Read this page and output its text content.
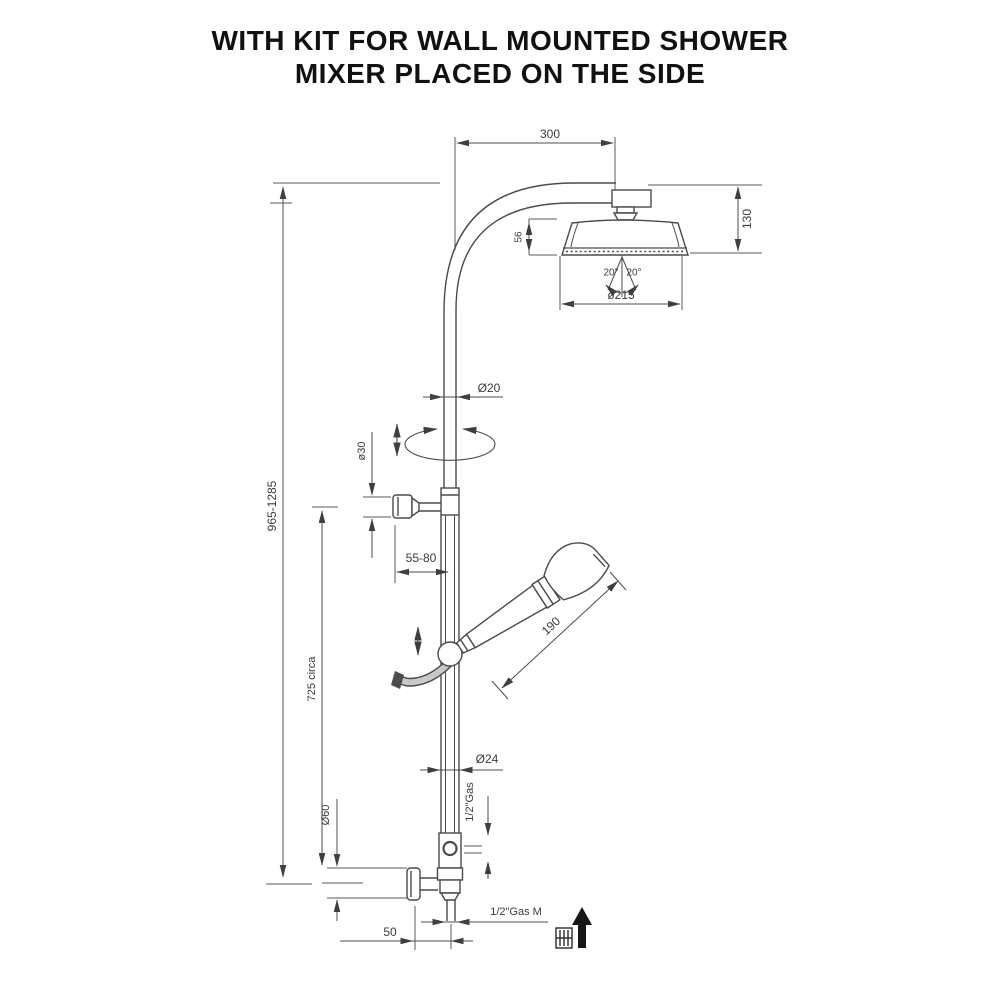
WITH KIT FOR WALL MOUNTED SHOWER
MIXER PLACED ON THE SIDE
300
130
56
20° 20°
ø215
Ø20
ø30
55-80
965-1285
725 circa
190
Ø24
1/2"Gas
Ø60
50
1/2"Gas M
